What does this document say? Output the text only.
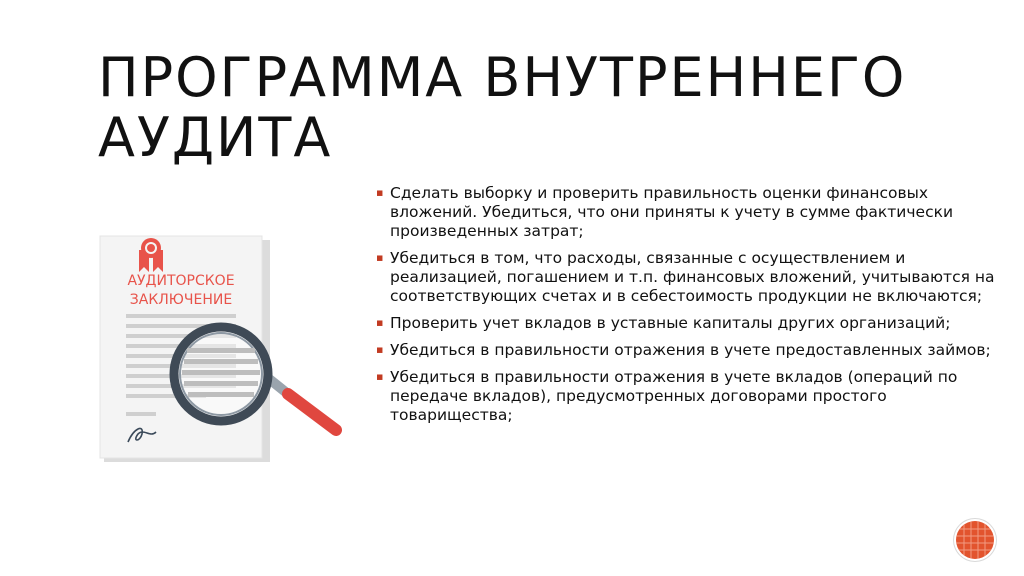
ПРОГРАММА ВНУТРЕННЕГО АУДИТА
АУДИТОРСКОЕ
ЗАКЛЮЧЕНИЕ
▪ Сделать выборку и проверить правильность оценки финансовых вложений. Убедиться, что они приняты к учету в сумме фактически произведенных затрат;
▪ Убедиться в том, что расходы, связанные с осуществлением и реализацией, погашением и т.п. финансовых вложений, учитываются на соответствующих счетах и в себестоимость продукции не включаются;
▪ Проверить учет вкладов в уставные капиталы других организаций;
▪ Убедиться в правильности отражения в учете предоставленных займов;
▪ Убедиться в правильности отражения в учете вкладов (операций по передаче вкладов), предусмотренных договорами простого товарищества;
